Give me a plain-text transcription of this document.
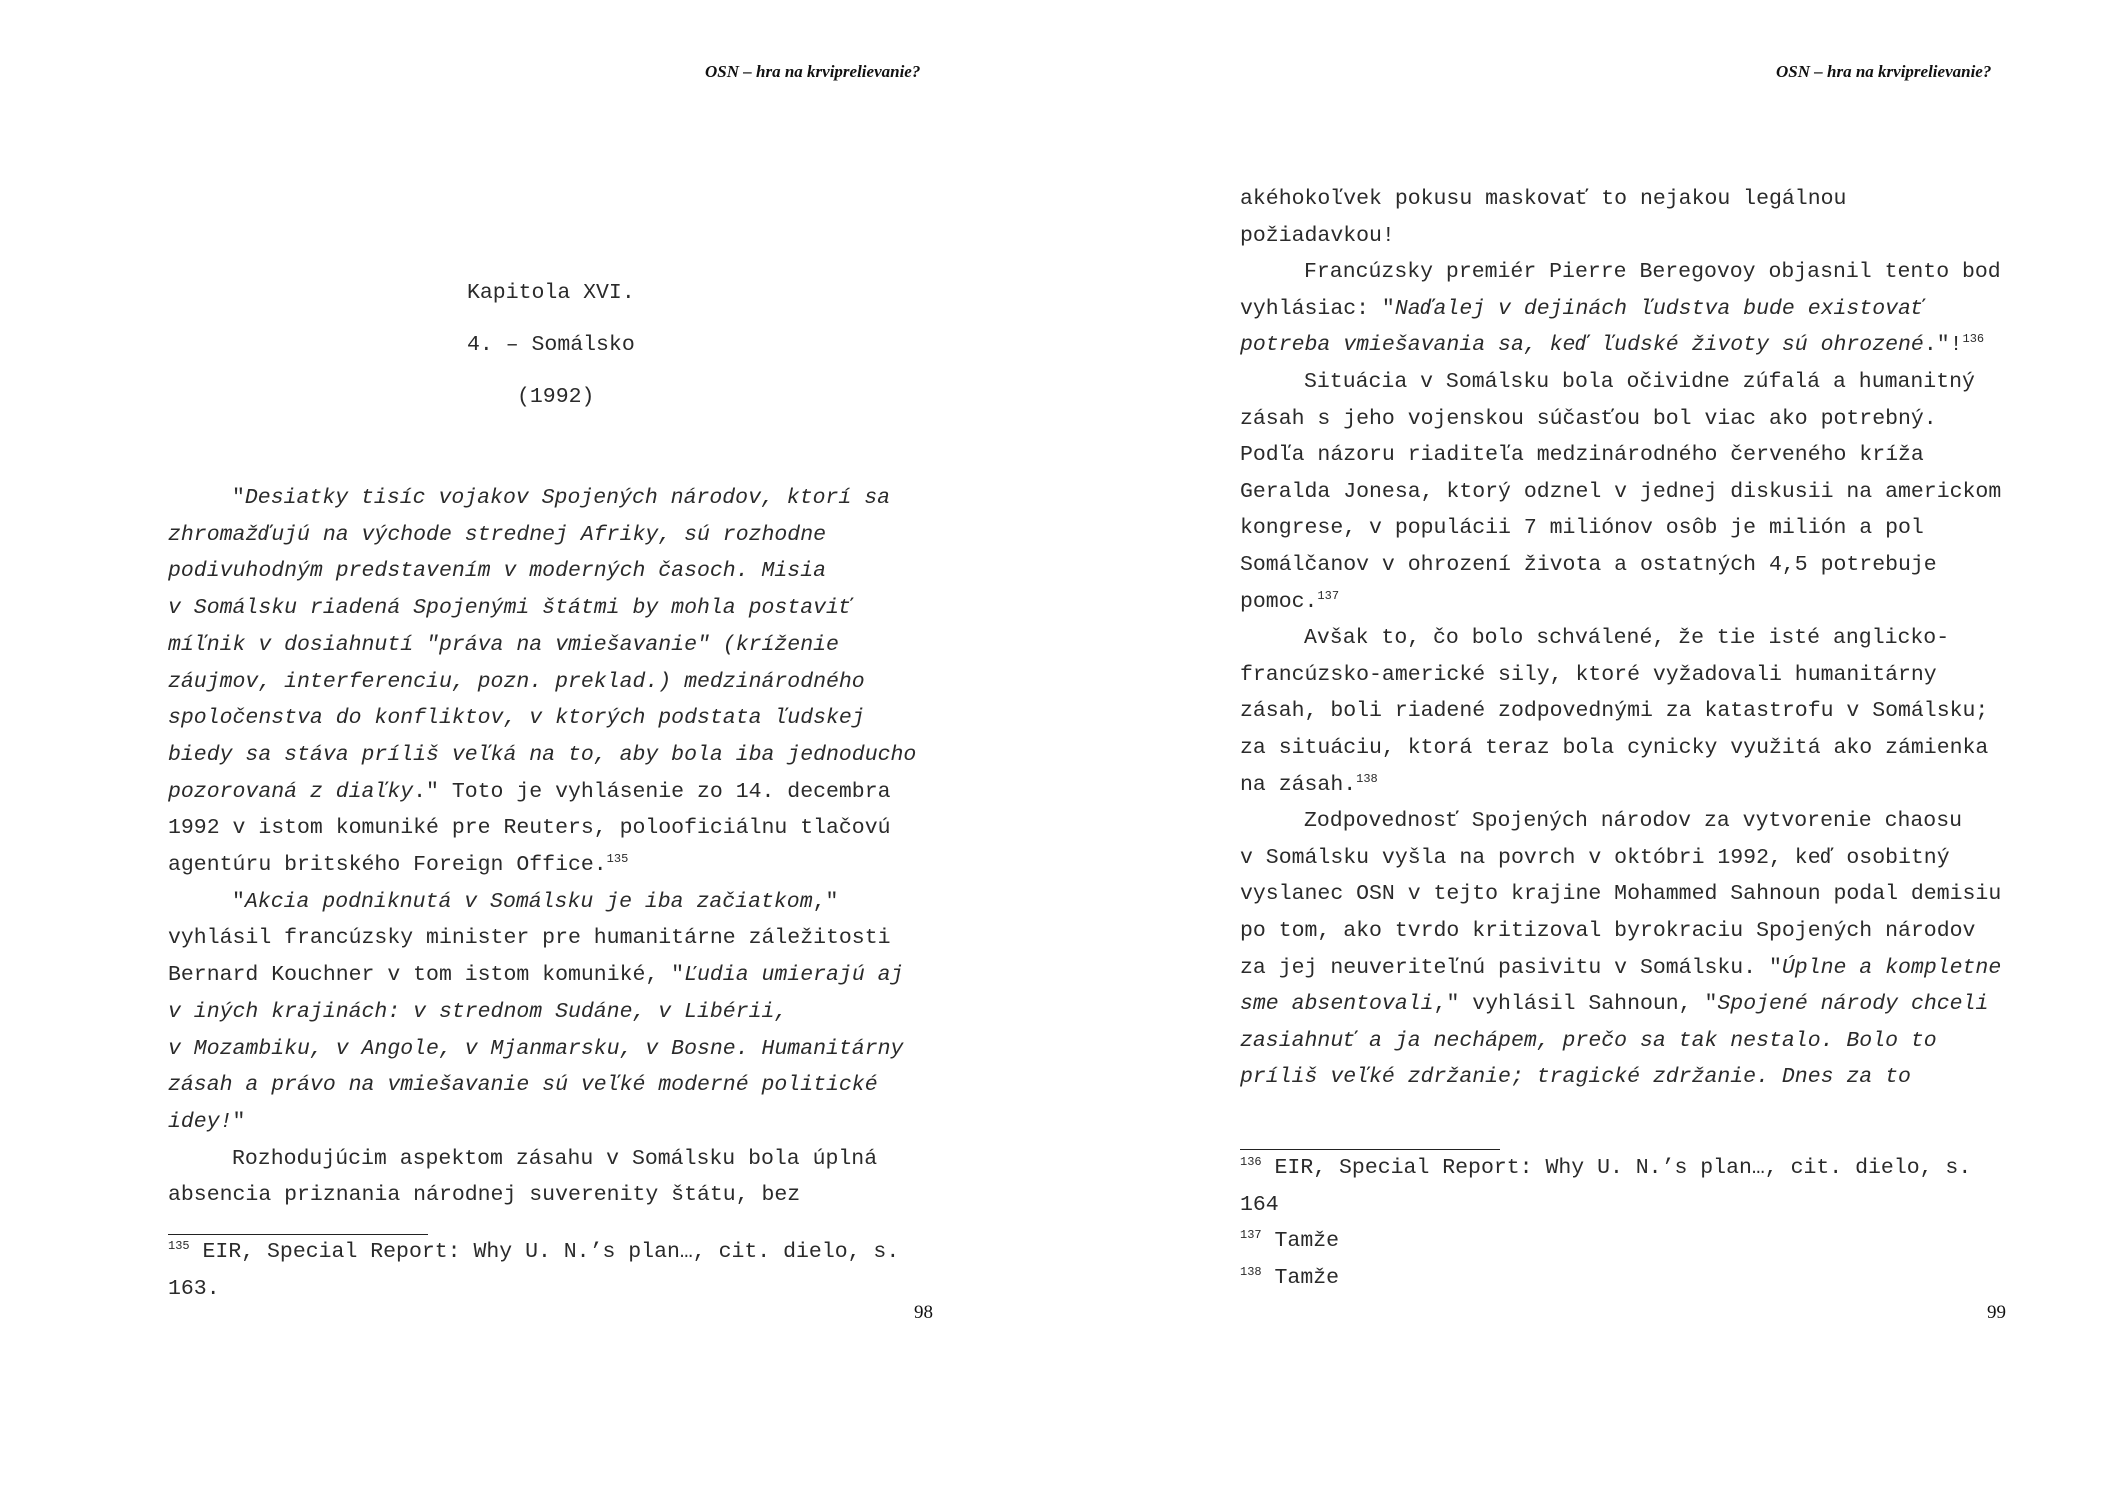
OSN – hra na krviprelievanie?
Kapitola XVI.
4. – Somálsko
(1992)
"Desiatky tisíc vojakov Spojených národov, ktorí sa
zhromažďujú na východe strednej Afriky, sú rozhodne
podivuhodným predstavením v moderných časoch. Misia
v Somálsku riadená Spojenými štátmi by mohla postaviť
míľnik v dosiahnutí "práva na vmiešavanie" (kríženie
záujmov, interferenciu, pozn. preklad.) medzinárodného
spoločenstva do konfliktov, v ktorých podstata ľudskej
biedy sa stáva príliš veľká na to, aby bola iba jednoducho
pozorovaná z diaľky." Toto je vyhlásenie zo 14. decembra
1992 v istom komuniké pre Reuters, polooficiálnu tlačovú
agentúru britského Foreign Office.$^{135}$
"Akcia podniknutá v Somálsku je iba začiatkom,"
vyhlásil francúzsky minister pre humanitárne záležitosti
Bernard Kouchner v tom istom komuniké, "Ľudia umierajú aj
v iných krajinách: v strednom Sudáne, v Libérii,
v Mozambiku, v Angole, v Mjanmarsku, v Bosne. Humanitárny
zásah a právo na vmiešavanie sú veľké moderné politické
idey!"
Rozhodujúcim aspektom zásahu v Somálsku bola úplná
absencia priznania národnej suverenity štátu, bez
$^{135}$ EIR, Special Report: Why U. N.’s plan…, cit. dielo, s.
163.
98
OSN – hra na krviprelievanie?
akéhokoľvek pokusu maskovať to nejakou legálnou
požiadavkou!
Francúzsky premiér Pierre Beregovoy objasnil tento bod
vyhlásiac: "Naďalej v dejinách ľudstva bude existovať
potreba vmiešavania sa, keď ľudské životy sú ohrozené."!$^{136}$
Situácia v Somálsku bola očividne zúfalá a humanitný
zásah s jeho vojenskou súčasťou bol viac ako potrebný.
Podľa názoru riaditeľa medzinárodného červeného kríža
Geralda Jonesa, ktorý odznel v jednej diskusii na americkom
kongrese, v populácii 7 miliónov osôb je milión a pol
Somálčanov v ohrození života a ostatných 4,5 potrebuje
pomoc.$^{137}$
Avšak to, čo bolo schválené, že tie isté anglicko-
francúzsko-americké sily, ktoré vyžadovali humanitárny
zásah, boli riadené zodpovednými za katastrofu v Somálsku;
za situáciu, ktorá teraz bola cynicky využitá ako zámienka
na zásah.$^{138}$
Zodpovednosť Spojených národov za vytvorenie chaosu
v Somálsku vyšla na povrch v októbri 1992, keď osobitný
vyslanec OSN v tejto krajine Mohammed Sahnoun podal demisiu
po tom, ako tvrdo kritizoval byrokraciu Spojených národov
za jej neuveriteľnú pasivitu v Somálsku. "Úplne a kompletne
sme absentovali," vyhlásil Sahnoun, "Spojené národy chceli
zasiahnuť a ja nechápem, prečo sa tak nestalo. Bolo to
príliš veľké zdržanie; tragické zdržanie. Dnes za to
$^{136}$ EIR, Special Report: Why U. N.’s plan…, cit. dielo, s.
164
$^{137}$ Tamže
$^{138}$ Tamže
99
